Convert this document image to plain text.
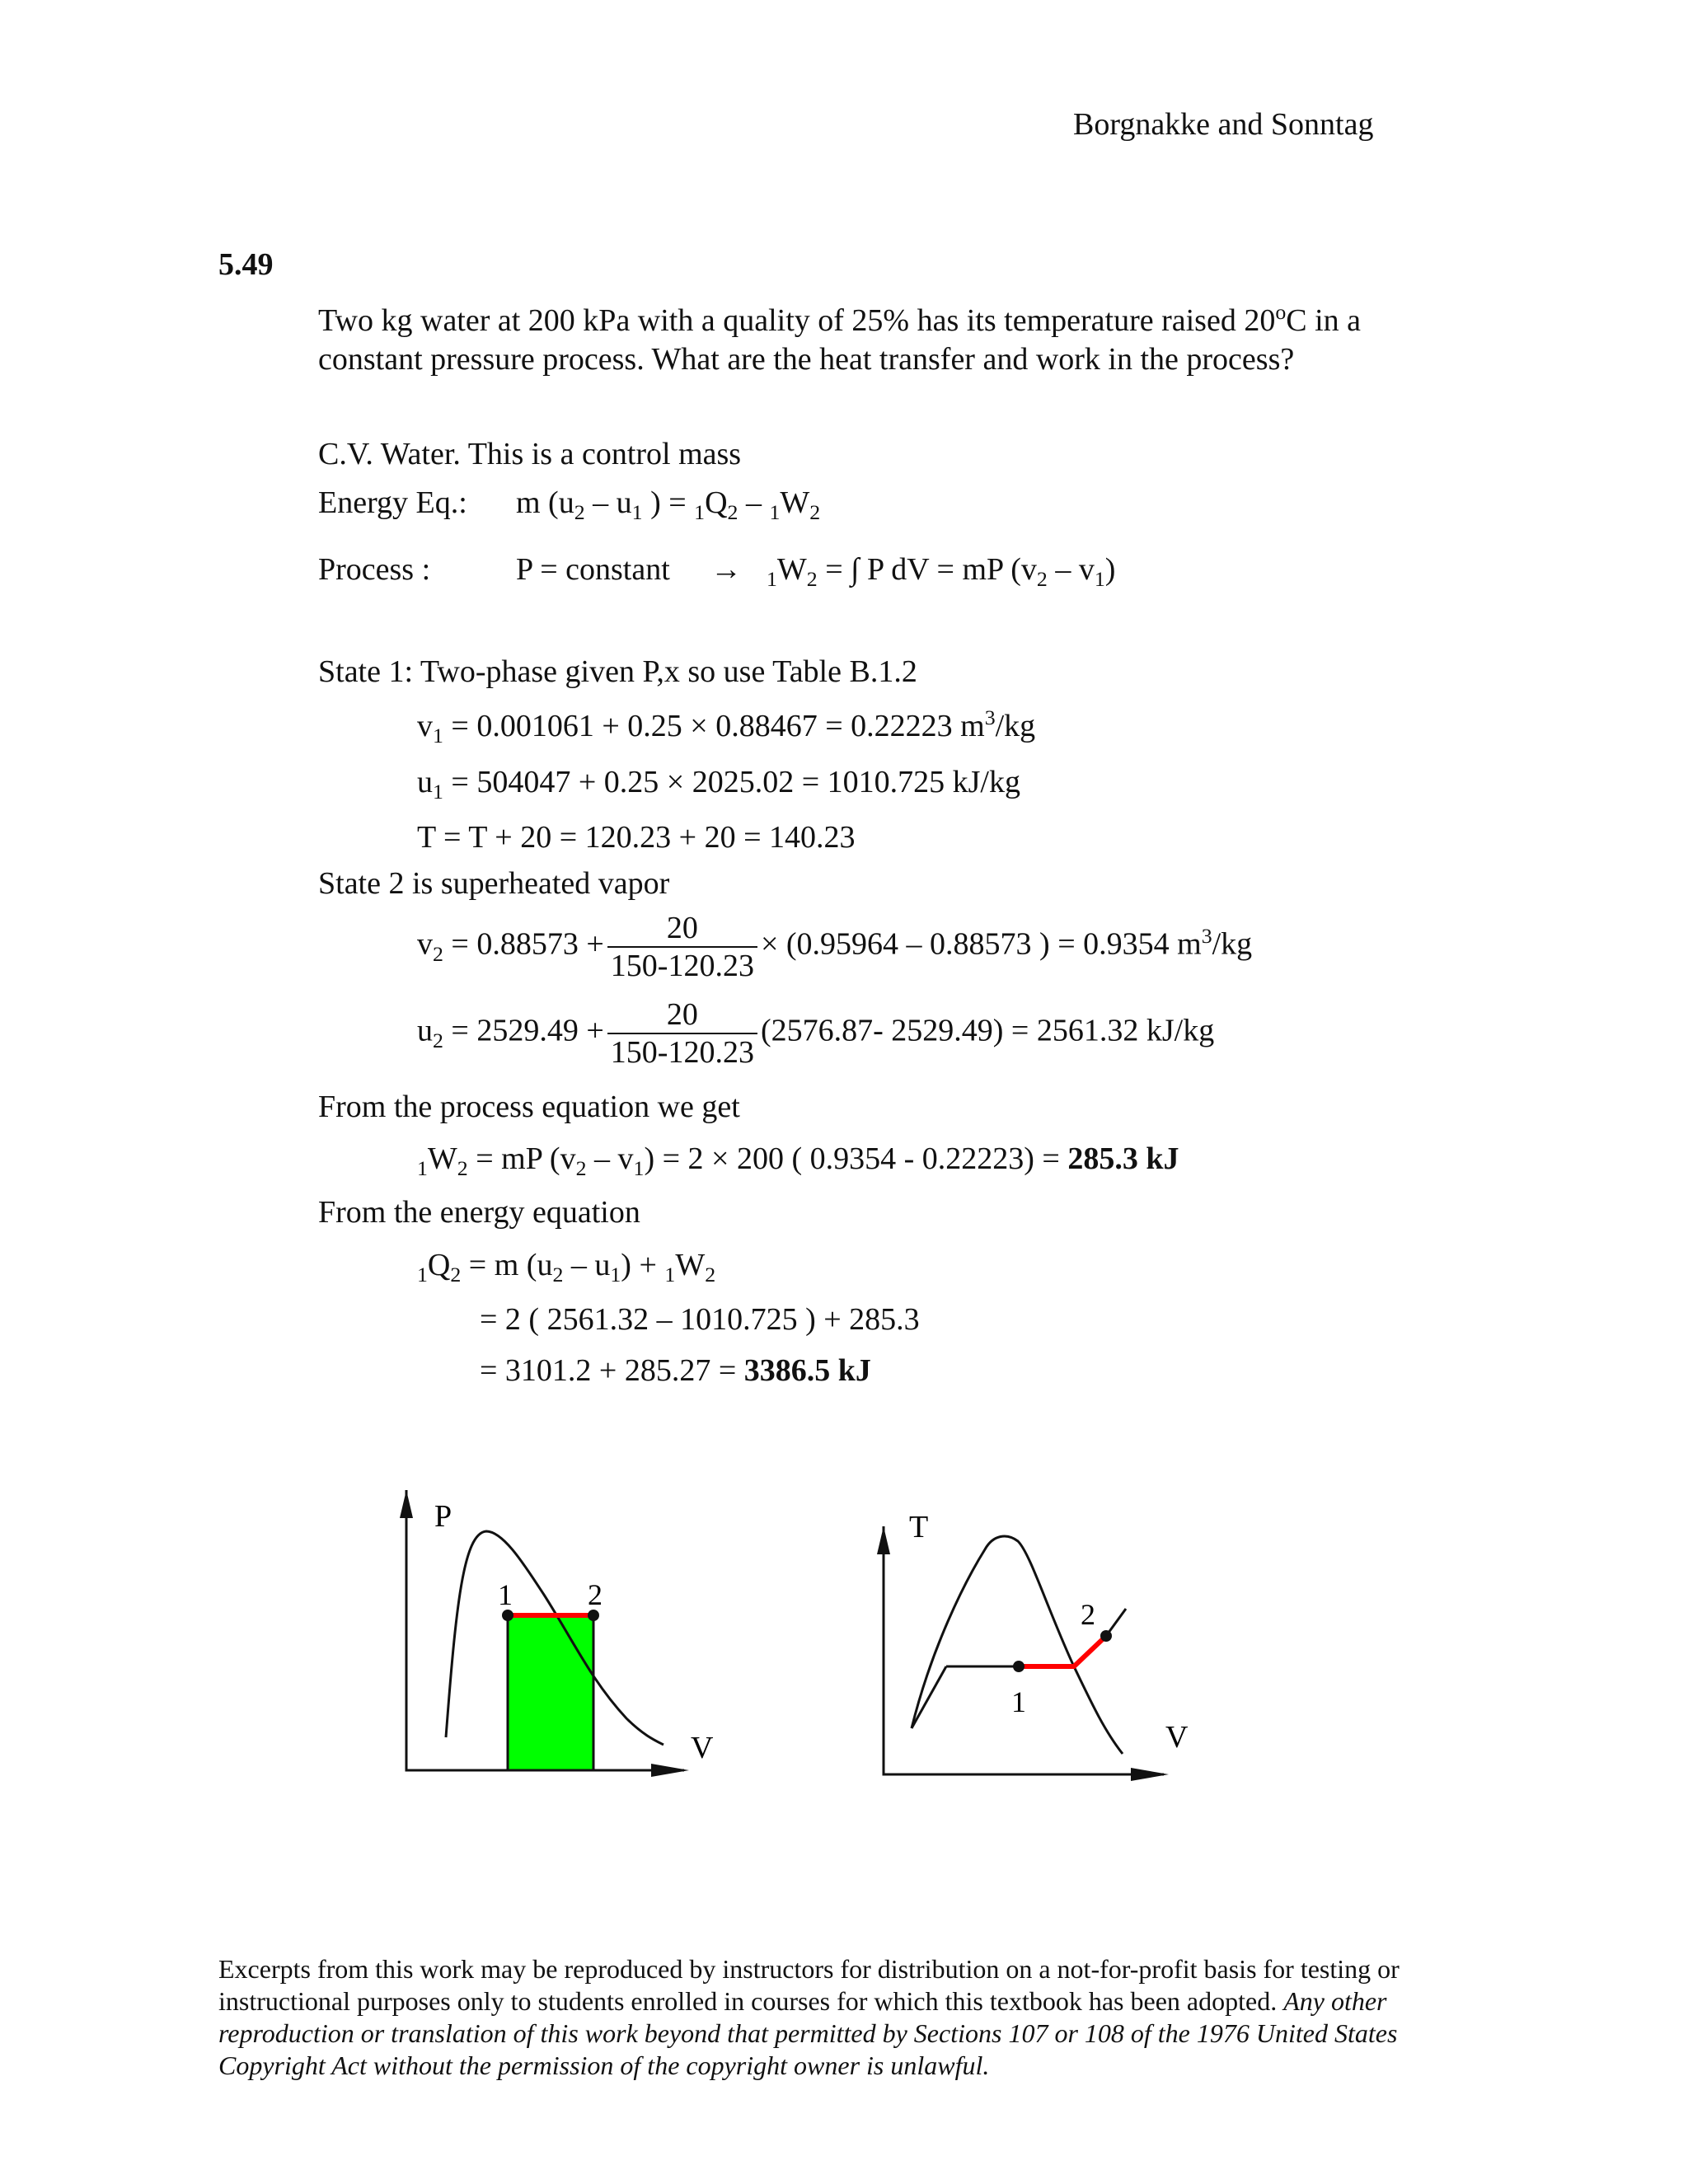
Borgnakke and Sonntag
5.49
Two kg water at 200 kPa with a quality of 25% has its temperature raised 20$^o$C in a
constant pressure process. What are the heat transfer and work in the process?
C.V. Water. This is a control mass
Energy Eq.: m ($u_2 - u_1$ ) = $_1Q_2 - _1W_2$
Process :	P = constant → $_1W_2$ = ∫ P dV = mP $(v_2 - v_1)$
State 1: Two-phase given P,x so use Table B.1.2
$v_1 = 0.001061 + 0.25 \times 0.88467 = 0.22223$ $m^3/kg$
$u_1 = 504047 + 0.25 \times 2025.02 = 1010.725$ kJ/kg
T = T + 20 = 120.23 + 20 = 140.23
State 2 is superheated vapor
$v_2 = 0.88573 + \frac{20}{150-120.23} \times (0.95964 - 0.88573$ ) = 0.9354 $m^3/kg$
$u_2 = 2529.49 + \frac{20}{150-120.23} (2576.87-$ 2529.49) = 2561.32 kJ/kg
From the process equation we get
$_1W_2$ = mP $(v_2 - v_1) = 2 \times 200$ ( 0.9354 - 0.22223) = 285.3 kJ
From the energy equation
$_1Q_2 = m$ $(u_2 - u_1) + _1W_2$
= 2 ( 2561.32 – 1010.725 ) + 285.3
= 3101.2 + 285.27 = 3386.5 kJ
P
V
1	2
T
V
1
2
Excerpts from this work may be reproduced by instructors for distribution on a not-for-profit basis for testing or instructional purposes only to students enrolled in courses for which this textbook has been adopted. Any other reproduction or translation of this work beyond that permitted by Sections 107 or 108 of the 1976 United States Copyright Act without the permission of the copyright owner is unlawful.
